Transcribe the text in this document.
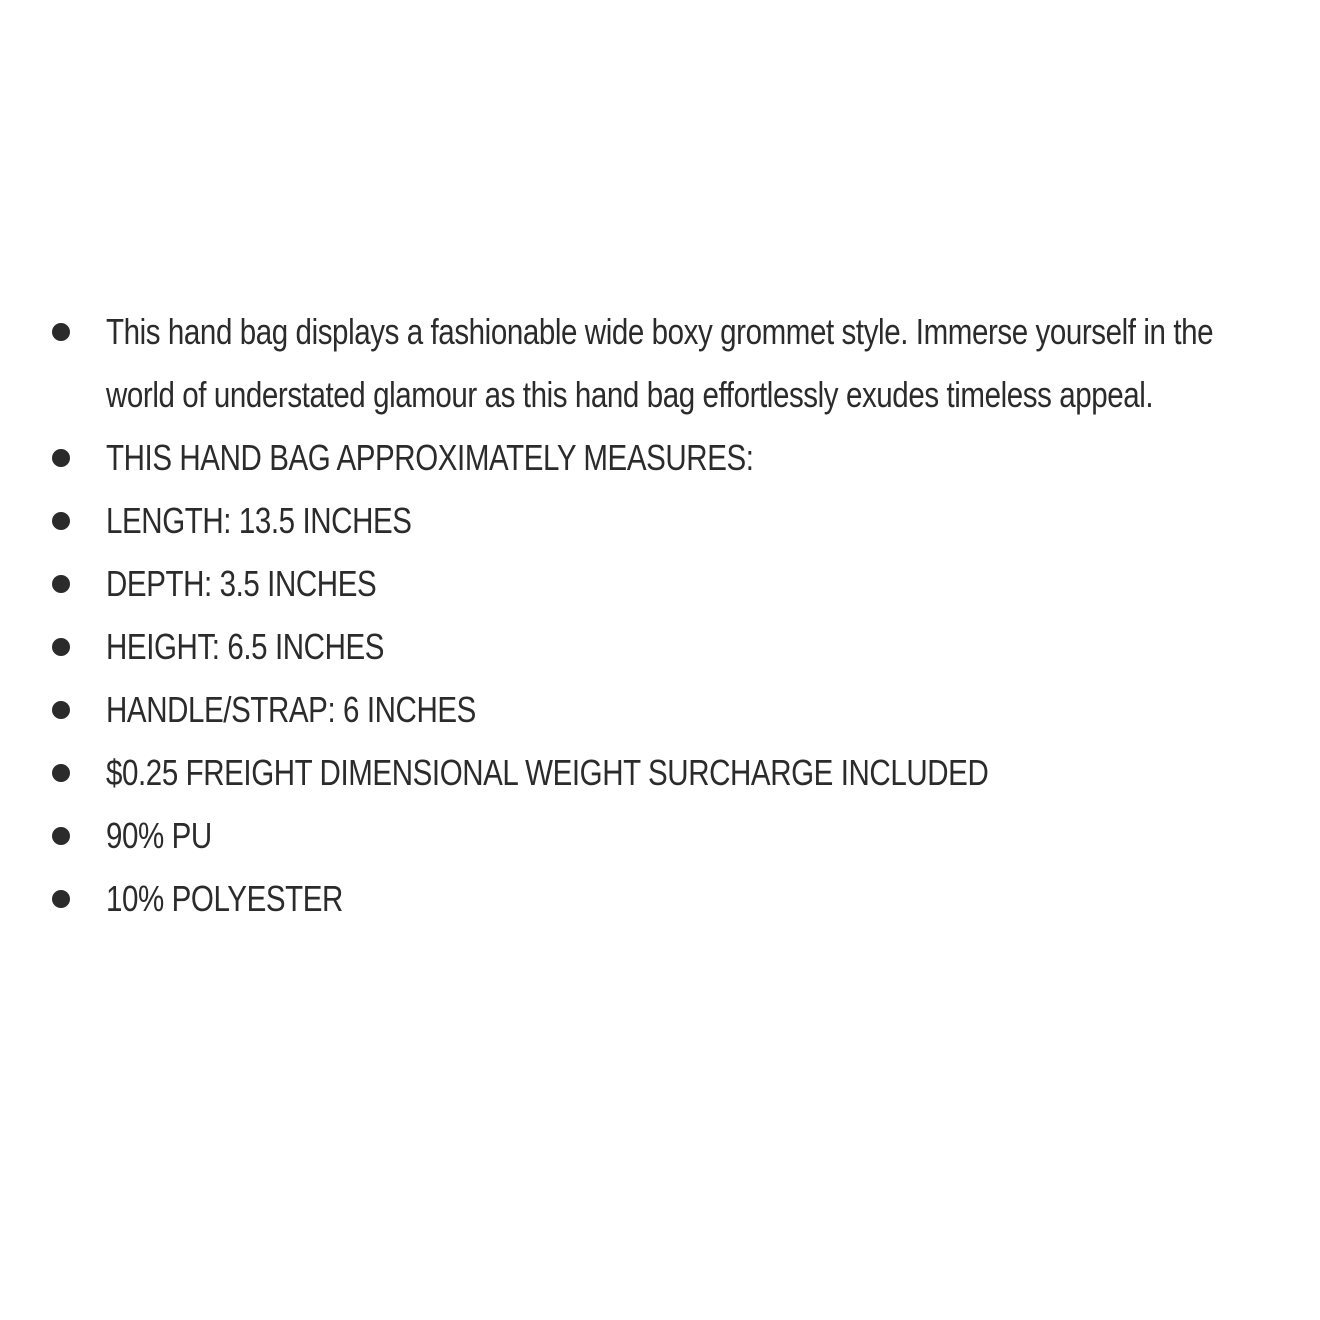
This hand bag displays a fashionable wide boxy grommet style. Immerse yourself in the world of understated glamour as this hand bag effortlessly exudes timeless appeal.
THIS HAND BAG APPROXIMATELY MEASURES:
LENGTH: 13.5 INCHES
DEPTH: 3.5 INCHES
HEIGHT: 6.5 INCHES
HANDLE/STRAP: 6 INCHES
$0.25 FREIGHT DIMENSIONAL WEIGHT SURCHARGE INCLUDED
90% PU
10% POLYESTER
